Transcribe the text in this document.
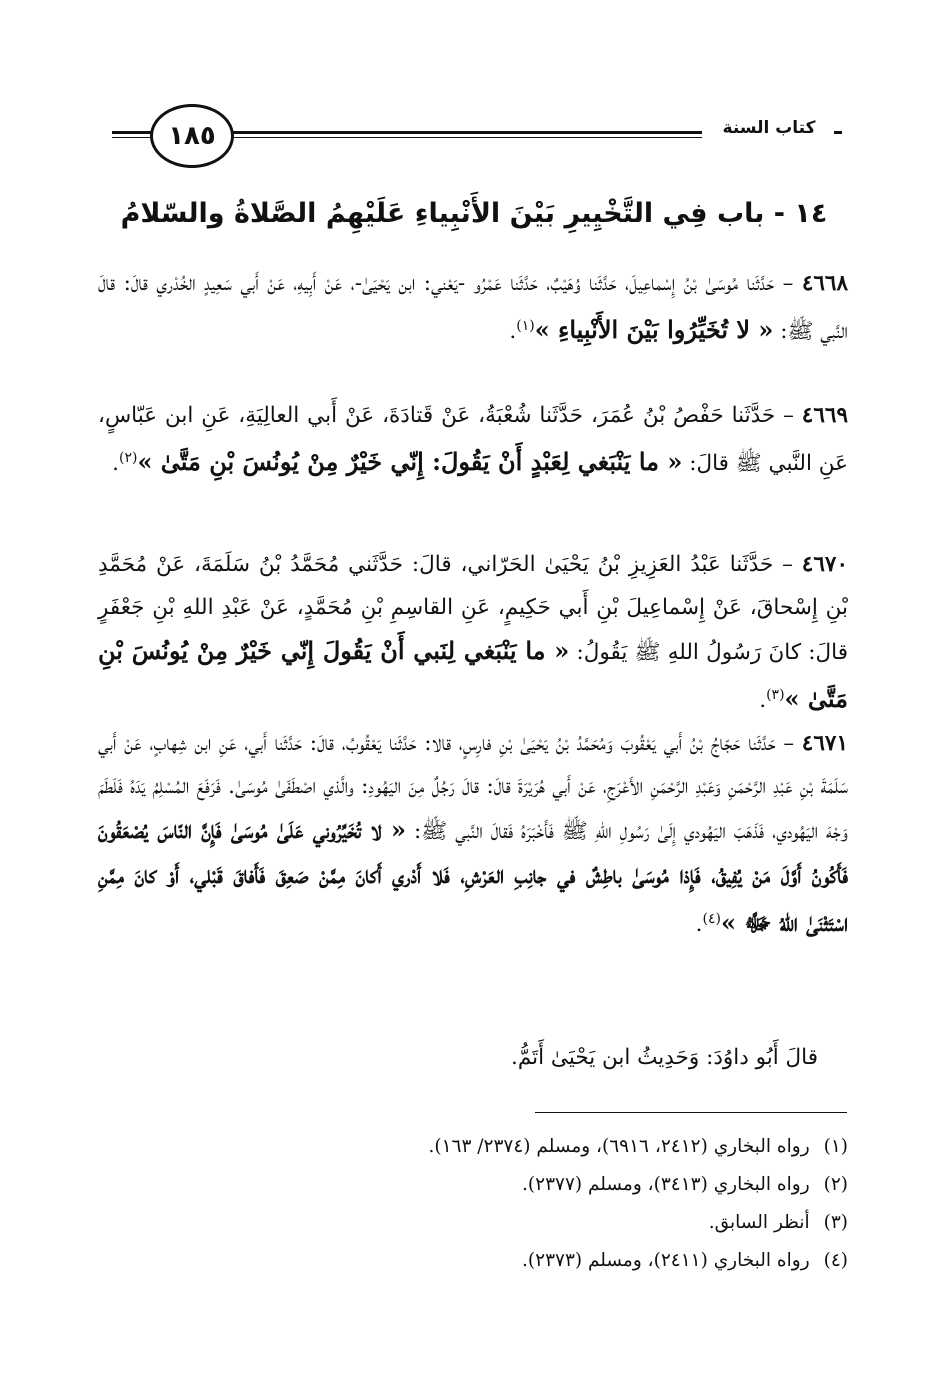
كتاب السنة
١٨٥
١٤ - باب فِي التَّخْيِيرِ بَيْنَ الأَنْبِياءِ عَلَيْهِمُ الصَّلاةُ والسّلامُ
٤٦٦٨ – حَدَّثَنا مُوسَىٰ بْنُ إِسْماعِيلَ، حَدَّثَنا وُهَيْبٌ، حَدَّثَنا عَمْرُو -يَعْني: ابن يَحْيَىٰ-، عَنْ أَبِيهِ، عَنْ أَبي سَعِيدٍ الخُدْري قالَ: قالَ النَّبي ﷺ: « لا تُخَيِّرُوا بَيْنَ الأَنْبِياءِ »$^{(١)}$.
٤٦٦٩ – حَدَّثَنا حَفْصُ بْنُ عُمَرَ، حَدَّثَنا شُعْبَةُ، عَنْ قَتادَةَ، عَنْ أَبي العالِيَةِ، عَنِ ابن عَبّاسٍ، عَنِ النَّبي ﷺ قالَ: « ما يَنْبَغي لِعَبْدٍ أَنْ يَقُولَ: إِنّي خَيْرٌ مِنْ يُونُسَ بْنِ مَتَّىٰ »$^{(٢)}$.
٤٦٧٠ – حَدَّثَنا عَبْدُ العَزِيزِ بْنُ يَحْيَىٰ الحَرّاني، قالَ: حَدَّثَني مُحَمَّدُ بْنُ سَلَمَةَ، عَنْ مُحَمَّدِ بْنِ إِسْحاقَ، عَنْ إِسْماعِيلَ بْنِ أَبي حَكِيمٍ، عَنِ القاسِمِ بْنِ مُحَمَّدٍ، عَنْ عَبْدِ اللهِ بْنِ جَعْفَرٍ قالَ: كانَ رَسُولُ اللهِ ﷺ يَقُولُ: « ما يَنْبَغي لِنَبي أَنْ يَقُولَ إِنّي خَيْرٌ مِنْ يُونُسَ بْنِ مَتَّىٰ »$^{(٣)}$.
٤٦٧١ – حَدَّثَنا حَجّاجُ بْنُ أَبي يَعْقُوبَ وَمُحَمَّدُ بْنُ يَحْيَىٰ بْنِ فارِسٍ، قالا: حَدَّثَنا يَعْقُوبُ، قالَ: حَدَّثَنا أَبي، عَنِ ابن شِهابٍ، عَنْ أَبي سَلَمَةَ بْنِ عَبْدِ الرَّحْمَنِ وَعَبْدِ الرَّحْمَنِ الأَعْرَجِ، عَنْ أَبي هُرَيْرَةَ قالَ: قالَ رَجُلٌ مِنَ اليَهُودِ: والَّذي اصْطَفَىٰ مُوسَىٰ. فَرَفَعَ المُسْلِمُ يَدَهُ فَلَطَمَ وَجْهَ اليَهُودي، فَذَهَبَ اليَهُودي إِلَىٰ رَسُولِ اللهِ ﷺ فَأَخْبَرَهُ فَقالَ النَّبي ﷺ: « لا تُخَيِّرُوني عَلَىٰ مُوسَىٰ فَإِنَّ النّاسَ يُصْعَقُونَ فَأَكُونُ أَوَّلَ مَنْ يُفِيقُ، فَإِذا مُوسَىٰ باطِشٌ في جانِبِ العَرْشِ، فَلا أَدْري أَكانَ مِمَّنْ صَعِقَ فَأَفاقَ قَبْلي، أَوْ كانَ مِمَّنِ اسْتَثْنَىٰ اللهُ ﷻ »$^{(٤)}$.
قالَ أَبُو داوُدَ: وَحَدِيثُ ابن يَحْيَىٰ أَتَمُّ.
(١)رواه البخاري (٢٤١٢، ٦٩١٦)، ومسلم (٢٣٧٤/ ١٦٣).
(٢)رواه البخاري (٣٤١٣)، ومسلم (٢٣٧٧).
(٣)أنظر السابق.
(٤)رواه البخاري (٢٤١١)، ومسلم (٢٣٧٣).
